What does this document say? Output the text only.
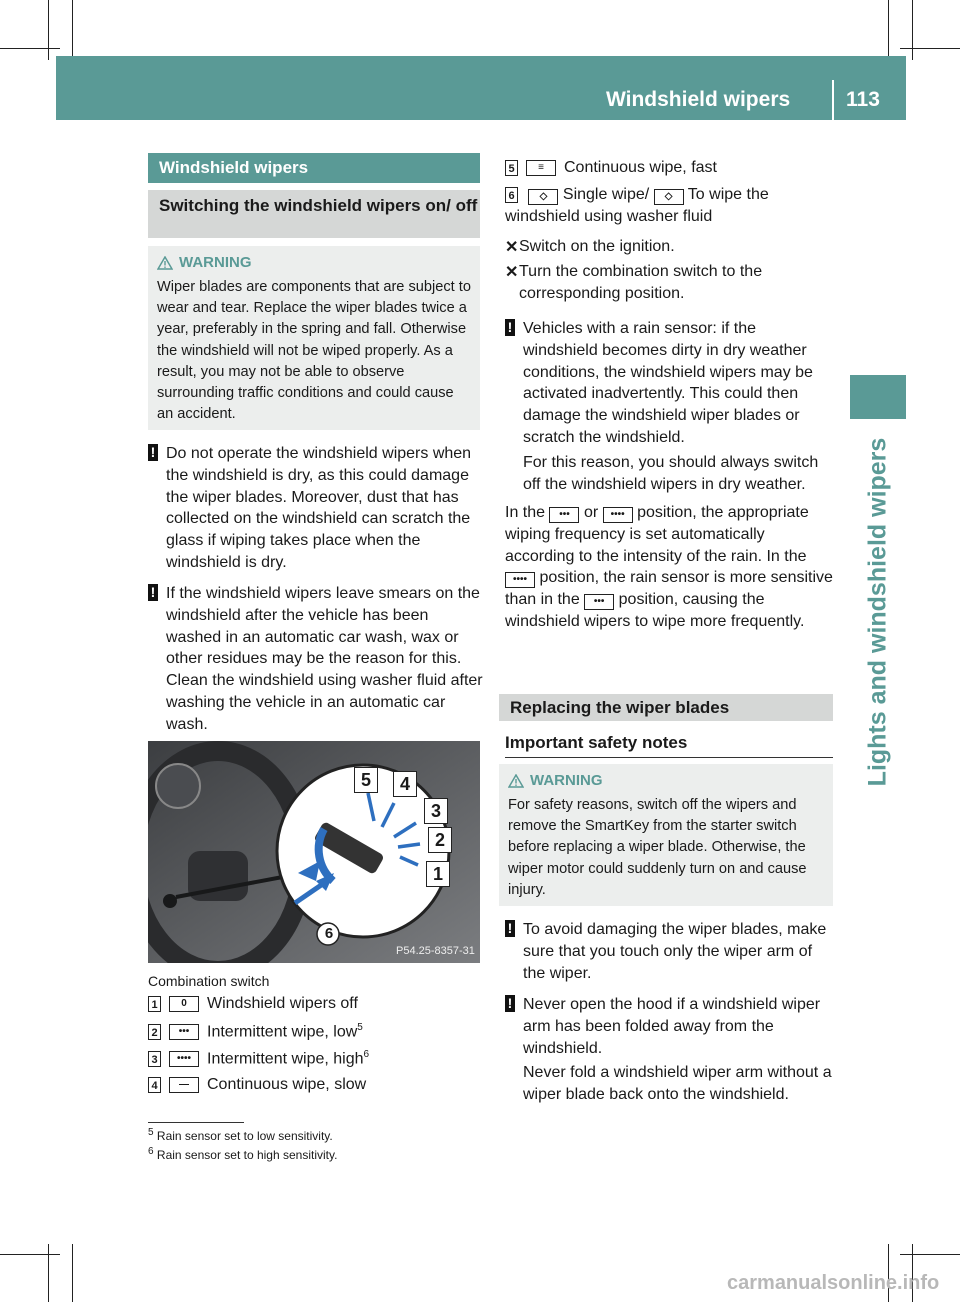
Windshield wipers	113
Lights and windshield wipers
Windshield wipers
Switching the windshield wipers on/ off
WARNING
Wiper blades are components that are subject to wear and tear. Replace the wiper blades twice a year, preferably in the spring and fall. Otherwise the windshield will not be wiped properly. As a result, you may not be able to observe surrounding traffic conditions and could cause an accident.
! Do not operate the windshield wipers when the windshield is dry, as this could damage the wiper blades. Moreover, dust that has collected on the windshield can scratch the glass if wiping takes place when the windshield is dry.
! If the windshield wipers leave smears on the windshield after the vehicle has been washed in an automatic car wash, wax or other residues may be the reason for this. Clean the windshield using washer fluid after washing the vehicle in an automatic car wash.
5	4
3
2
1
6
P54.25-8357-31
Combination switch
1	0	Windshield wipers off
2	•••	Intermittent wipe, low$^5$
3	••••	Intermittent wipe, high$^6$
4	—	Continuous wipe, slow
5	≡	Continuous wipe, fast
6	◇ Single wipe/ ◇ To wipe the windshield using washer fluid
✕ Switch on the ignition.
✕ Turn the combination switch to the corresponding position.
! Vehicles with a rain sensor: if the windshield becomes dirty in dry weather conditions, the windshield wipers may be activated inadvertently. This could then damage the windshield wiper blades or scratch the windshield.
For this reason, you should always switch off the windshield wipers in dry weather.
In the ••• or •••• position, the appropriate wiping frequency is set automatically according to the intensity of the rain. In the •••• position, the rain sensor is more sensitive than in the ••• position, causing the windshield wipers to wipe more frequently.
Replacing the wiper blades
Important safety notes
WARNING
For safety reasons, switch off the wipers and remove the SmartKey from the starter switch before replacing a wiper blade. Otherwise, the wiper motor could suddenly turn on and cause injury.
! To avoid damaging the wiper blades, make sure that you touch only the wiper arm of the wiper.
! Never open the hood if a windshield wiper arm has been folded away from the windshield.
Never fold a windshield wiper arm without a wiper blade back onto the windshield.
$^5$ Rain sensor set to low sensitivity.
$^6$ Rain sensor set to high sensitivity.
carmanualsonline.info
